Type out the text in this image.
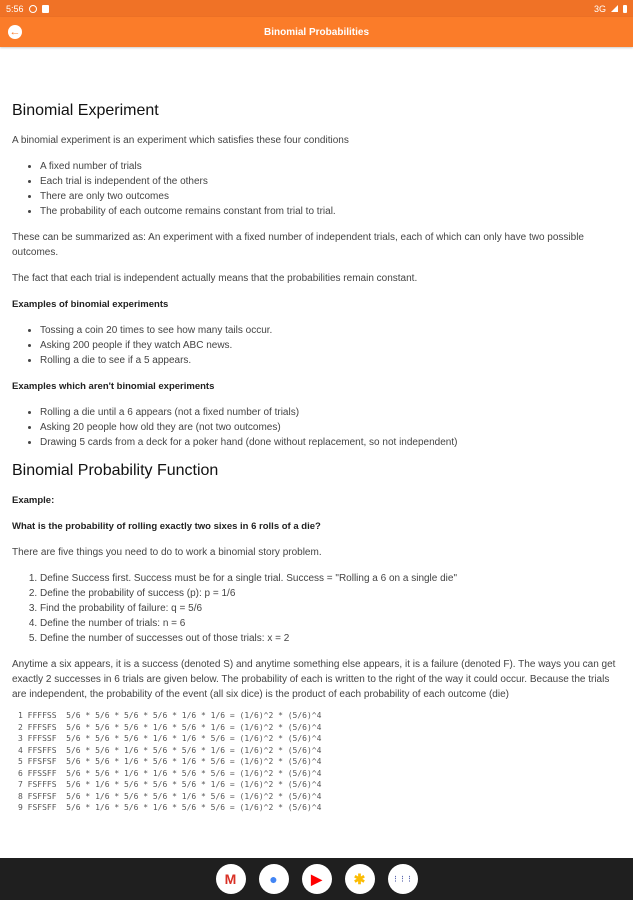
5:56	3G
←	Binomial Probabilities
Binomial Experiment

A binomial experiment is an experiment which satisfies these four conditions

• A fixed number of trials
• Each trial is independent of the others
• There are only two outcomes
• The probability of each outcome remains constant from trial to trial.

These can be summarized as: An experiment with a fixed number of independent trials, each of which can only have two possible outcomes.

The fact that each trial is independent actually means that the probabilities remain constant.

Examples of binomial experiments

• Tossing a coin 20 times to see how many tails occur.
• Asking 200 people if they watch ABC news.
• Rolling a die to see if a 5 appears.

Examples which aren't binomial experiments

• Rolling a die until a 6 appears (not a fixed number of trials)
• Asking 20 people how old they are (not two outcomes)
• Drawing 5 cards from a deck for a poker hand (done without replacement, so not independent)
Binomial Probability Function

Example:

What is the probability of rolling exactly two sixes in 6 rolls of a die?

There are five things you need to do to work a binomial story problem.

1. Define Success first. Success must be for a single trial. Success = "Rolling a 6 on a single die"
2. Define the probability of success (p): p = 1/6
3. Find the probability of failure: q = 5/6
4. Define the number of trials: n = 6
5. Define the number of successes out of those trials: x = 2

Anytime a six appears, it is a success (denoted S) and anytime something else appears, it is a failure (denoted F). The ways you can get exactly 2 successes in 6 trials are given below. The probability of each is written to the right of the way it could occur. Because the trials are independent, the probability of the event (all six dice) is the product of each probability of each outcome (die)

1 FFFFSS  5/6 * 5/6 * 5/6 * 5/6 * 1/6 * 1/6 = (1/6)^2 * (5/6)^4
2 FFFSFS  5/6 * 5/6 * 5/6 * 1/6 * 5/6 * 1/6 = (1/6)^2 * (5/6)^4
3 FFFSSF  5/6 * 5/6 * 5/6 * 1/6 * 1/6 * 5/6 = (1/6)^2 * (5/6)^4
4 FFSFFS  5/6 * 5/6 * 1/6 * 5/6 * 5/6 * 1/6 = (1/6)^2 * (5/6)^4
5 FFSFSF  5/6 * 5/6 * 1/6 * 5/6 * 1/6 * 5/6 = (1/6)^2 * (5/6)^4
6 FFSSFF  5/6 * 5/6 * 1/6 * 1/6 * 5/6 * 5/6 = (1/6)^2 * (5/6)^4
7 FSFFFS  5/6 * 1/6 * 5/6 * 5/6 * 5/6 * 1/6 = (1/6)^2 * (5/6)^4
8 FSFFSF  5/6 * 1/6 * 5/6 * 5/6 * 1/6 * 5/6 = (1/6)^2 * (5/6)^4
9 FSFSFF  5/6 * 1/6 * 5/6 * 1/6 * 5/6 * 5/6 = (1/6)^2 * (5/6)^4
M	●	▶	✱	⋮⋮⋮
